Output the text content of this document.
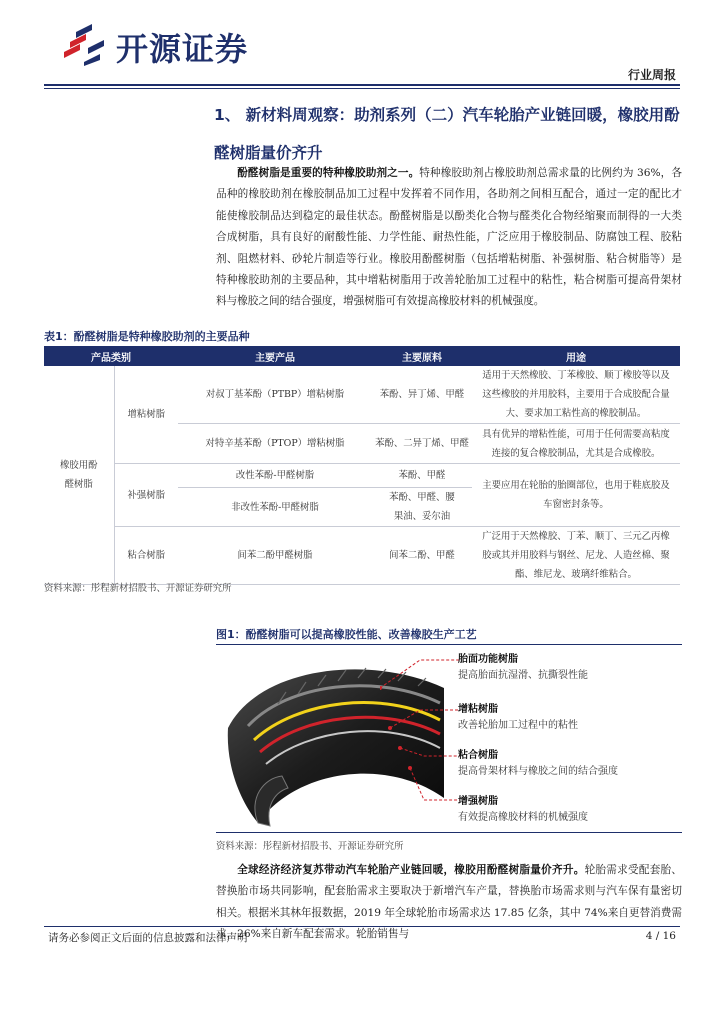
开源证券
行业周报
1、 新材料周观察：助剂系列（二）汽车轮胎产业链回暖，橡胶用酚醛树脂量价齐升
酚醛树脂是重要的特种橡胶助剂之一。特种橡胶助剂占橡胶助剂总需求量的比例约为 36%，各品种的橡胶助剂在橡胶制品加工过程中发挥着不同作用，各助剂之间相互配合，通过一定的配比才能使橡胶制品达到稳定的最佳状态。酚醛树脂是以酚类化合物与醛类化合物经缩聚而制得的一大类合成树脂，具有良好的耐酸性能、力学性能、耐热性能，广泛应用于橡胶制品、防腐蚀工程、胶粘剂、阻燃材料、砂轮片制造等行业。橡胶用酚醛树脂（包括增粘树脂、补强树脂、粘合树脂等）是特种橡胶助剂的主要品种，其中增粘树脂用于改善轮胎加工过程中的粘性，粘合树脂可提高骨架材料与橡胶之间的结合强度，增强树脂可有效提高橡胶材料的机械强度。
表1：酚醛树脂是特种橡胶助剂的主要品种
产品类别		主要产品	主要原料	用途
橡胶用酚醛树脂	增粘树脂	对叔丁基苯酚（PTBP）增粘树脂	苯酚、异丁烯、甲醛	适用于天然橡胶、丁苯橡胶、顺丁橡胶等以及这些橡胶的并用胶料，主要用于合成胶配合量大、要求加工粘性高的橡胶制品。
		对特辛基苯酚（PTOP）增粘树脂	苯酚、二异丁烯、甲醛	具有优异的增粘性能，可用于任何需要高粘度连接的复合橡胶制品，尤其是合成橡胶。
	补强树脂	改性苯酚-甲醛树脂	苯酚、甲醛	主要应用在轮胎的胎圈部位，也用于鞋底胶及车窗密封条等。
		非改性苯酚-甲醛树脂	苯酚、甲醛、腰果油、妥尔油	
	粘合树脂	间苯二酚甲醛树脂	间苯二酚、甲醛	广泛用于天然橡胶、丁苯、顺丁、三元乙丙橡胶或其并用胶料与钢丝、尼龙、人造丝棉、聚酯、维尼龙、玻璃纤维粘合。
资料来源：彤程新材招股书、开源证券研究所
图1：酚醛树脂可以提高橡胶性能、改善橡胶生产工艺
胎面功能树脂
提高胎面抗湿滑、抗撕裂性能
增粘树脂
改善轮胎加工过程中的粘性
粘合树脂
提高骨架材料与橡胶之间的结合强度
增强树脂
有效提高橡胶材料的机械强度
资料来源：彤程新材招股书、开源证券研究所
全球经济经济复苏带动汽车轮胎产业链回暖，橡胶用酚醛树脂量价齐升。轮胎需求受配套胎、替换胎市场共同影响，配套胎需求主要取决于新增汽车产量，替换胎市场需求则与汽车保有量密切相关。根据米其林年报数据，2019 年全球轮胎市场需求达 17.85 亿条，其中 74%来自更替消费需求，26%来自新车配套需求。轮胎销售与
请务必参阅正文后面的信息披露和法律声明	4 / 16
